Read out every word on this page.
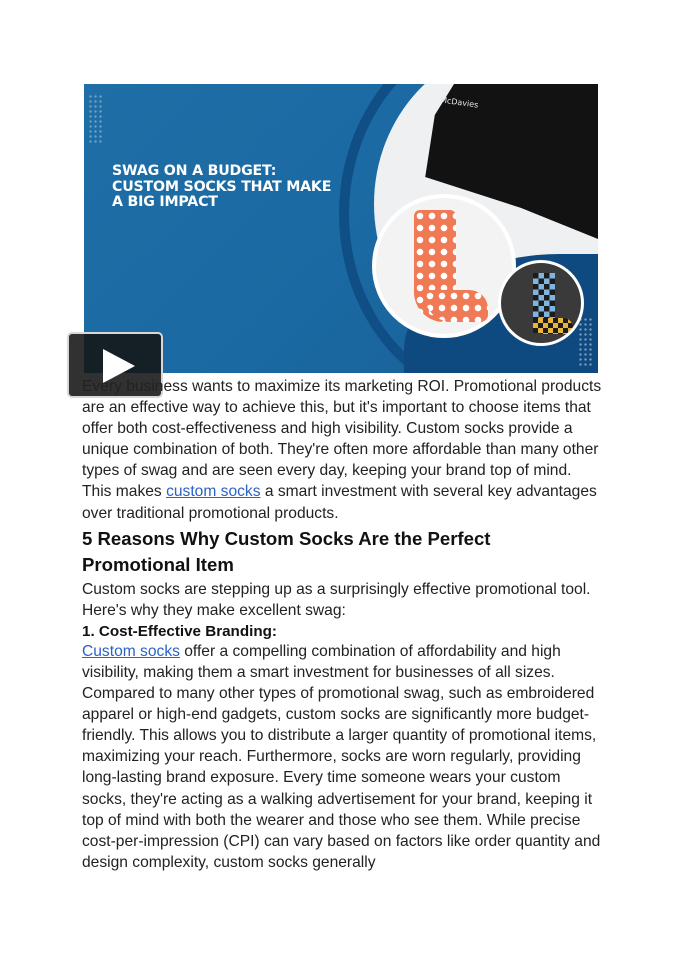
SWAG ON A BUDGET:
CUSTOM SOCKS THAT MAKE
A BIG IMPACT
McDavies

Every business wants to maximize its marketing ROI. Promotional products are an effective way to achieve this, but it's important to choose items that offer both cost-effectiveness and high visibility. Custom socks provide a unique combination of both. They're often more affordable than many other types of swag and are seen every day, keeping your brand top of mind. This makes custom socks a smart investment with several key advantages over traditional promotional products.

5 Reasons Why Custom Socks Are the Perfect Promotional Item

Custom socks are stepping up as a surprisingly effective promotional tool. Here's why they make excellent swag:

1. Cost-Effective Branding:

Custom socks offer a compelling combination of affordability and high visibility, making them a smart investment for businesses of all sizes. Compared to many other types of promotional swag, such as embroidered apparel or high-end gadgets, custom socks are significantly more budget-friendly. This allows you to distribute a larger quantity of promotional items, maximizing your reach. Furthermore, socks are worn regularly, providing long-lasting brand exposure. Every time someone wears your custom socks, they're acting as a walking advertisement for your brand, keeping it top of mind with both the wearer and those who see them. While precise cost-per-impression (CPI) can vary based on factors like order quantity and design complexity, custom socks generally
